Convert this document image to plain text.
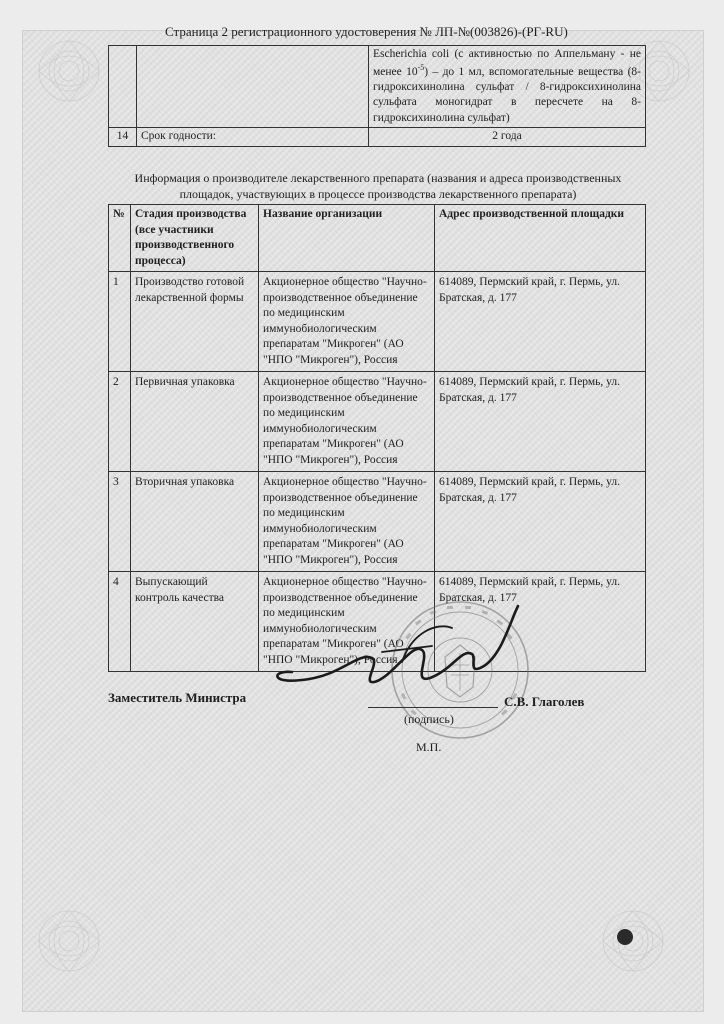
Страница 2 регистрационного удостоверения № ЛП-№(003826)-(РГ-RU)
		Escherichia coli (с активностью по Аппельману - не менее $10^{-5}$) – до 1 мл, вспомогательные вещества (8-гидроксихинолина сульфат / 8-гидроксихинолина сульфата моногидрат в пересчете на 8-гидроксихинолина сульфат)
14	Срок годности:	2 года
Информация о производителе лекарственного препарата (названия и адреса производственных площадок, участвующих в процессе производства лекарственного препарата)
№	Стадия производства (все участники производственного процесса)	Название организации	Адрес производственной площадки
1	Производство готовой лекарственной формы	Акционерное общество "Научно-производственное объединение по медицинским иммунобиологическим препаратам "Микроген" (АО "НПО "Микроген"), Россия	614089, Пермский край, г. Пермь, ул. Братская, д. 177
2	Первичная упаковка	Акционерное общество "Научно-производственное объединение по медицинским иммунобиологическим препаратам "Микроген" (АО "НПО "Микроген"), Россия	614089, Пермский край, г. Пермь, ул. Братская, д. 177
3	Вторичная упаковка	Акционерное общество "Научно-производственное объединение по медицинским иммунобиологическим препаратам "Микроген" (АО "НПО "Микроген"), Россия	614089, Пермский край, г. Пермь, ул. Братская, д. 177
4	Выпускающий контроль качества	Акционерное общество "Научно-производственное объединение по медицинским иммунобиологическим препаратам "Микроген" (АО "НПО "Микроген"), Россия	614089, Пермский край, г. Пермь, ул. Братская, д. 177
Заместитель Министра	С.В. Глаголев
(подпись)
М.П.
